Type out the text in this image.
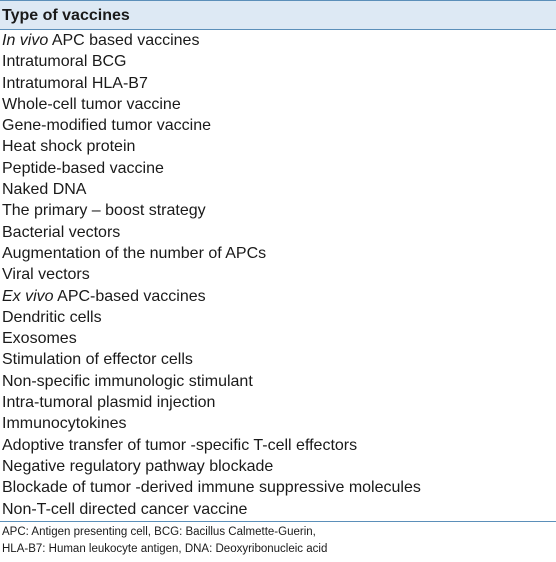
Type of vaccines
In vivo APC based vaccines
Intratumoral BCG
Intratumoral HLA-B7
Whole-cell tumor vaccine
Gene-modified tumor vaccine
Heat shock protein
Peptide-based vaccine
Naked DNA
The primary – boost strategy
Bacterial vectors
Augmentation of the number of APCs
Viral vectors
Ex vivo APC-based vaccines
Dendritic cells
Exosomes
Stimulation of effector cells
Non-specific immunologic stimulant
Intra-tumoral plasmid injection
Immunocytokines
Adoptive transfer of tumor -specific T-cell effectors
Negative regulatory pathway blockade
Blockade of tumor -derived immune suppressive molecules
Non-T-cell directed cancer vaccine
APC: Antigen presenting cell, BCG: Bacillus Calmette-Guerin,
HLA-B7: Human leukocyte antigen, DNA: Deoxyribonucleic acid
